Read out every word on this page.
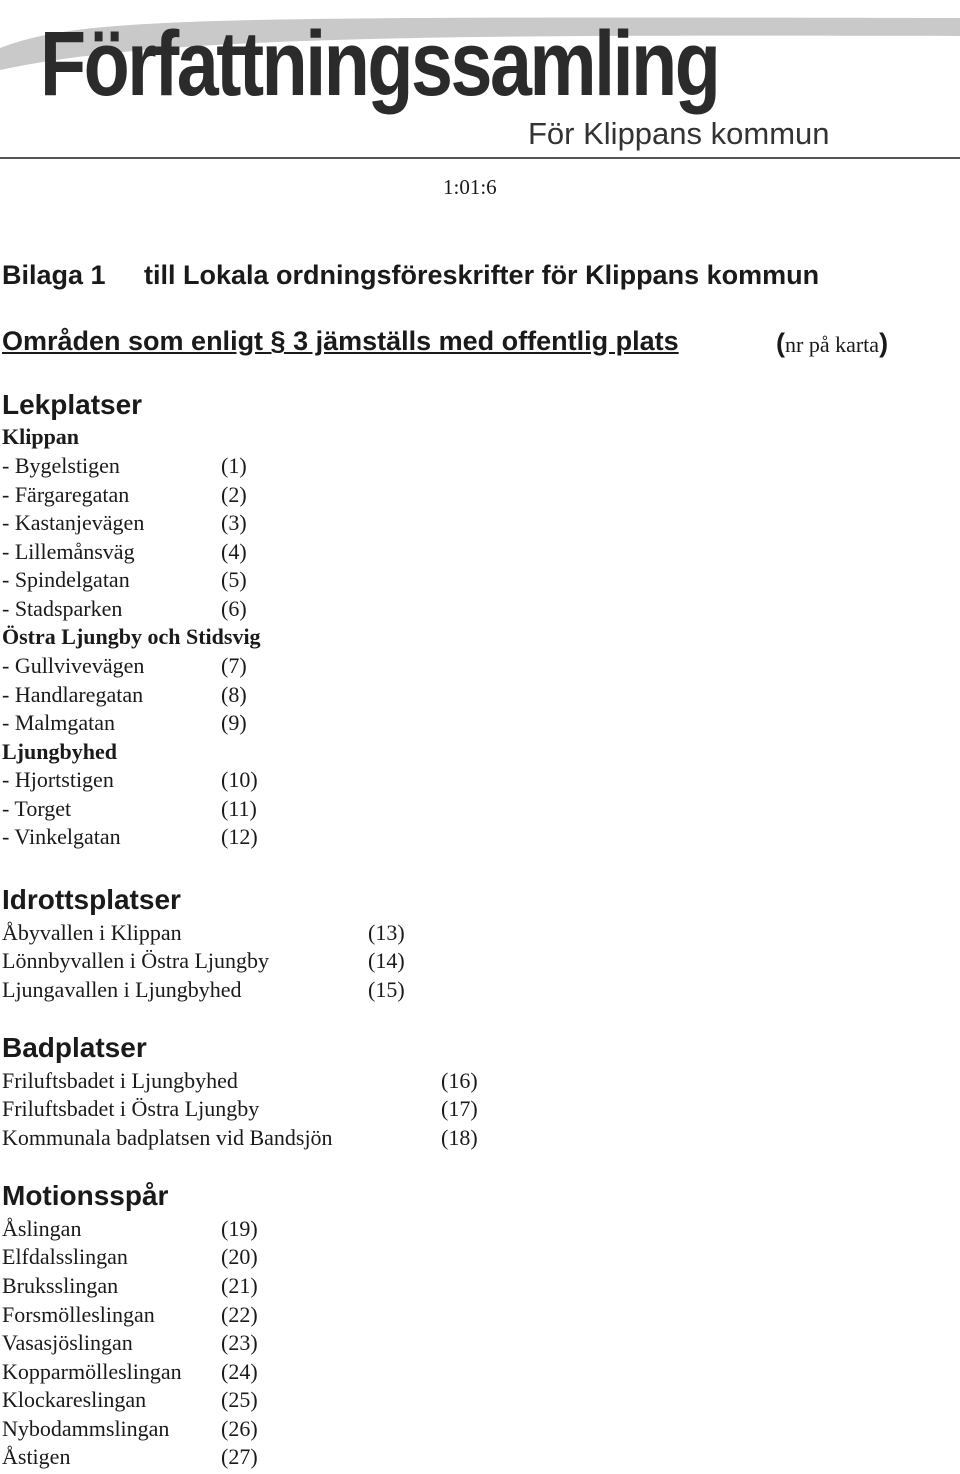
Författningssamling
För Klippans kommun
1:01:6
Bilaga 1 till Lokala ordningsföreskrifter för Klippans kommun
Områden som enligt § 3 jämställs med offentlig plats	(nr på karta)
Lekplatser
Klippan
- Bygelstigen	(1)
- Färgaregatan	(2)
- Kastanjevägen	(3)
- Lillemånsväg	(4)
- Spindelgatan	(5)
- Stadsparken	(6)
Östra Ljungby och Stidsvig
- Gullvivevägen	(7)
- Handlaregatan	(8)
- Malmgatan	(9)
Ljungbyhed
- Hjortstigen	(10)
- Torget	(11)
- Vinkelgatan	(12)
Idrottsplatser
Åbyvallen i Klippan	(13)
Lönnbyvallen i Östra Ljungby	(14)
Ljungavallen i Ljungbyhed	(15)
Badplatser
Friluftsbadet i Ljungbyhed	(16)
Friluftsbadet i Östra Ljungby	(17)
Kommunala badplatsen vid Bandsjön	(18)
Motionsspår
Åslingan	(19)
Elfdalsslingan	(20)
Bruksslingan	(21)
Forsmölleslingan	(22)
Vasasjöslingan	(23)
Kopparmölleslingan (24)
Klockareslingan	(25)
Nybodammslingan (26)
Åstigen	(27)
